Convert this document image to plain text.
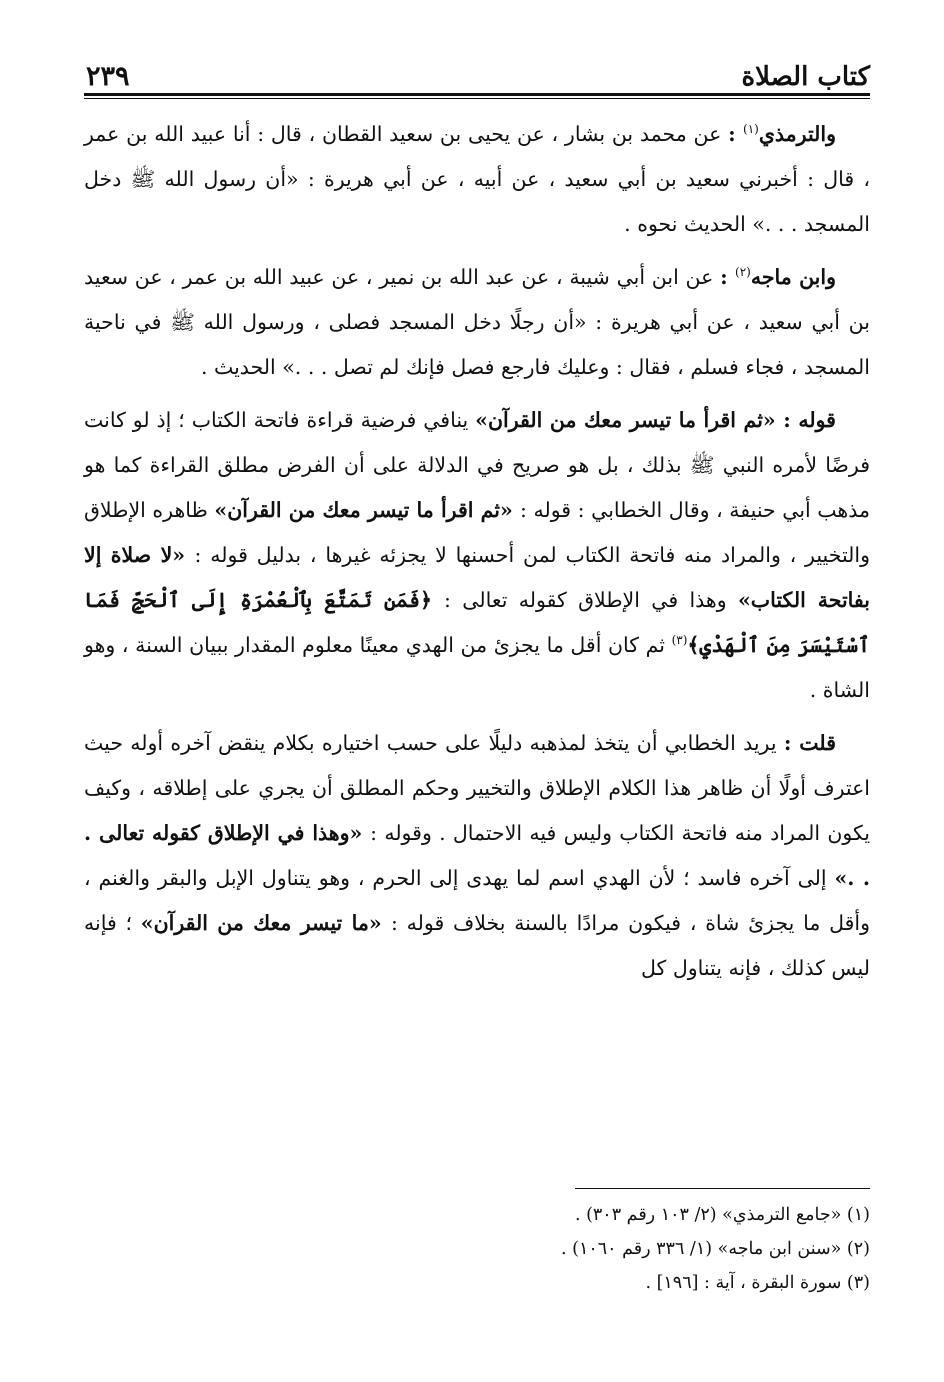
كتاب الصلاة
٢٣٩

والترمذي$^{(١)}$ : عن محمد بن بشار ، عن يحيى بن سعيد القطان ، قال : أنا عبيد الله بن عمر ، قال : أخبرني سعيد بن أبي سعيد ، عن أبيه ، عن أبي هريرة : «أن رسول الله ﷺ دخل المسجد . . .» الحديث نحوه .

وابن ماجه$^{(٢)}$ : عن ابن أبي شيبة ، عن عبد الله بن نمير ، عن عبيد الله بن عمر ، عن سعيد بن أبي سعيد ، عن أبي هريرة : «أن رجلًا دخل المسجد فصلى ، ورسول الله ﷺ في ناحية المسجد ، فجاء فسلم ، فقال : وعليك فارجع فصل فإنك لم تصل . . .» الحديث .

قوله : «ثم اقرأ ما تيسر معك من القرآن» ينافي فرضية قراءة فاتحة الكتاب ؛ إذ لو كانت فرضًا لأمره النبي ﷺ بذلك ، بل هو صريح في الدلالة على أن الفرض مطلق القراءة كما هو مذهب أبي حنيفة ، وقال الخطابي : قوله : «ثم اقرأ ما تيسر معك من القرآن» ظاهره الإطلاق والتخيير ، والمراد منه فاتحة الكتاب لمن أحسنها لا يجزئه غيرها ، بدليل قوله : «لا صلاة إلا بفاتحة الكتاب» وهذا في الإطلاق كقوله تعالى : ﴿فَمَن تَمَتَّعَ بِٱلْعُمْرَةِ إِلَى ٱلْحَجِّ فَمَا ٱسْتَيْسَرَ مِنَ ٱلْهَدْيِ﴾$^{(٣)}$ ثم كان أقل ما يجزئ من الهدي معينًا معلوم المقدار ببيان السنة ، وهو الشاة .

قلت : يريد الخطابي أن يتخذ لمذهبه دليلًا على حسب اختياره بكلام ينقض آخره أوله حيث اعترف أولًا أن ظاهر هذا الكلام الإطلاق والتخيير وحكم المطلق أن يجري على إطلاقه ، وكيف يكون المراد منه فاتحة الكتاب وليس فيه الاحتمال . وقوله : «وهذا في الإطلاق كقوله تعالى . . .» إلى آخره فاسد ؛ لأن الهدي اسم لما يهدى إلى الحرم ، وهو يتناول الإبل والبقر والغنم ، وأقل ما يجزئ شاة ، فيكون مرادًا بالسنة بخلاف قوله : «ما تيسر معك من القرآن» ؛ فإنه ليس كذلك ، فإنه يتناول كل

(١) «جامع الترمذي» (٢/ ١٠٣ رقم ٣٠٣) .

(٢) «سنن ابن ماجه» (١/ ٣٣٦ رقم ١٠٦٠) .

(٣) سورة البقرة ، آية : [١٩٦] .
